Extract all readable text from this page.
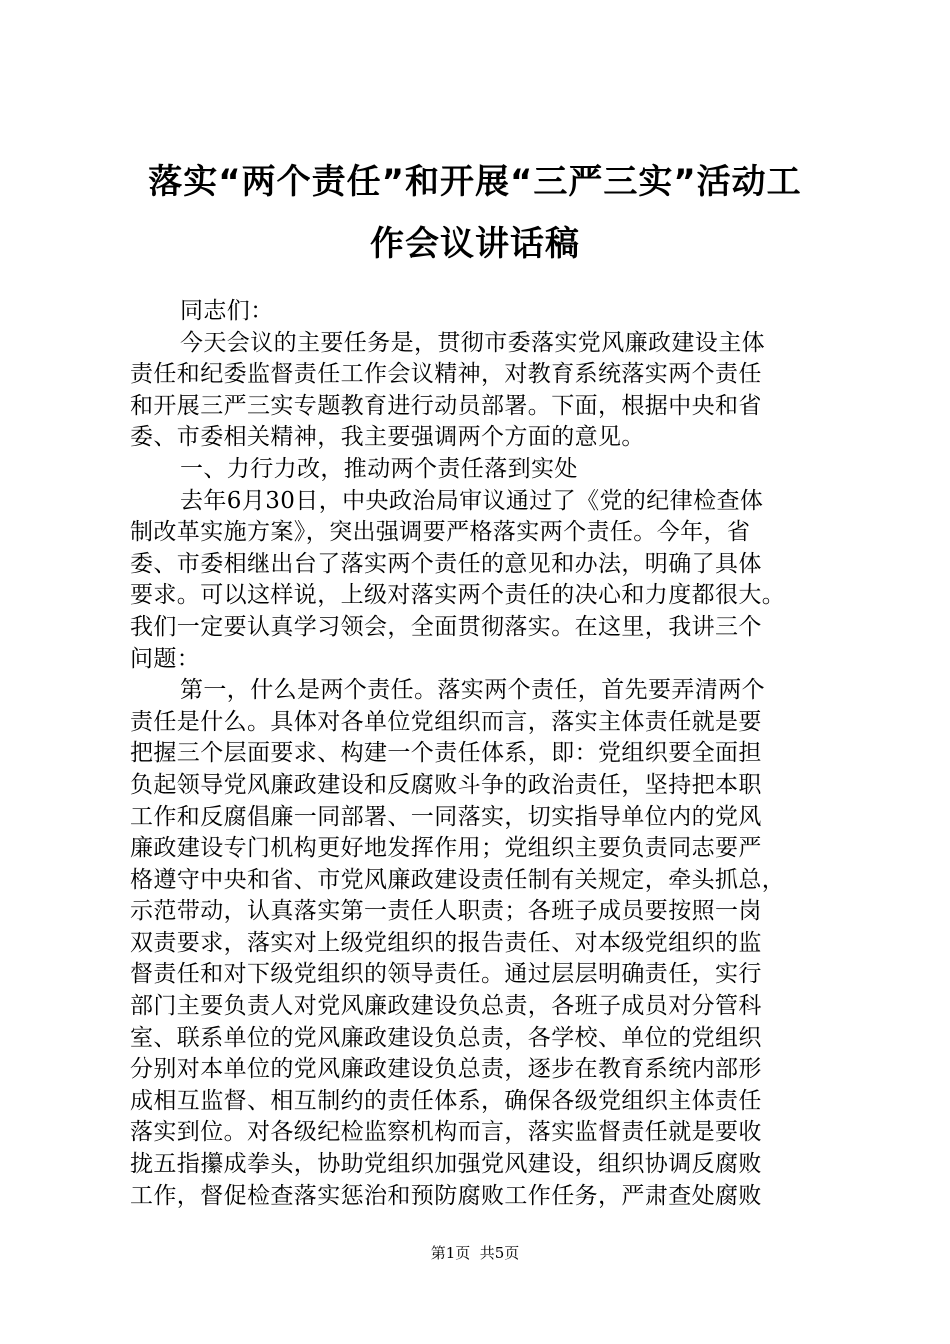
落实“两个责任”和开展“三严三实”活动工
作会议讲话稿
同志们：
今天会议的主要任务是，贯彻市委落实党风廉政建设主体
责任和纪委监督责任工作会议精神，对教育系统落实两个责任
和开展三严三实专题教育进行动员部署。下面，根据中央和省
委、市委相关精神，我主要强调两个方面的意见。
一、力行力改，推动两个责任落到实处
去年6月30日，中央政治局审议通过了《党的纪律检查体
制改革实施方案》，突出强调要严格落实两个责任。今年，省
委、市委相继出台了落实两个责任的意见和办法，明确了具体
要求。可以这样说，上级对落实两个责任的决心和力度都很大。
我们一定要认真学习领会，全面贯彻落实。在这里，我讲三个
问题：
第一，什么是两个责任。落实两个责任，首先要弄清两个
责任是什么。具体对各单位党组织而言，落实主体责任就是要
把握三个层面要求、构建一个责任体系，即：党组织要全面担
负起领导党风廉政建设和反腐败斗争的政治责任，坚持把本职
工作和反腐倡廉一同部署、一同落实，切实指导单位内的党风
廉政建设专门机构更好地发挥作用；党组织主要负责同志要严
格遵守中央和省、市党风廉政建设责任制有关规定，牵头抓总，
示范带动，认真落实第一责任人职责；各班子成员要按照一岗
双责要求，落实对上级党组织的报告责任、对本级党组织的监
督责任和对下级党组织的领导责任。通过层层明确责任，实行
部门主要负责人对党风廉政建设负总责，各班子成员对分管科
室、联系单位的党风廉政建设负总责，各学校、单位的党组织
分别对本单位的党风廉政建设负总责，逐步在教育系统内部形
成相互监督、相互制约的责任体系，确保各级党组织主体责任
落实到位。对各级纪检监察机构而言，落实监督责任就是要收
拢五指攥成拳头，协助党组织加强党风建设，组织协调反腐败
工作，督促检查落实惩治和预防腐败工作任务，严肃查处腐败
第1页  共5页
